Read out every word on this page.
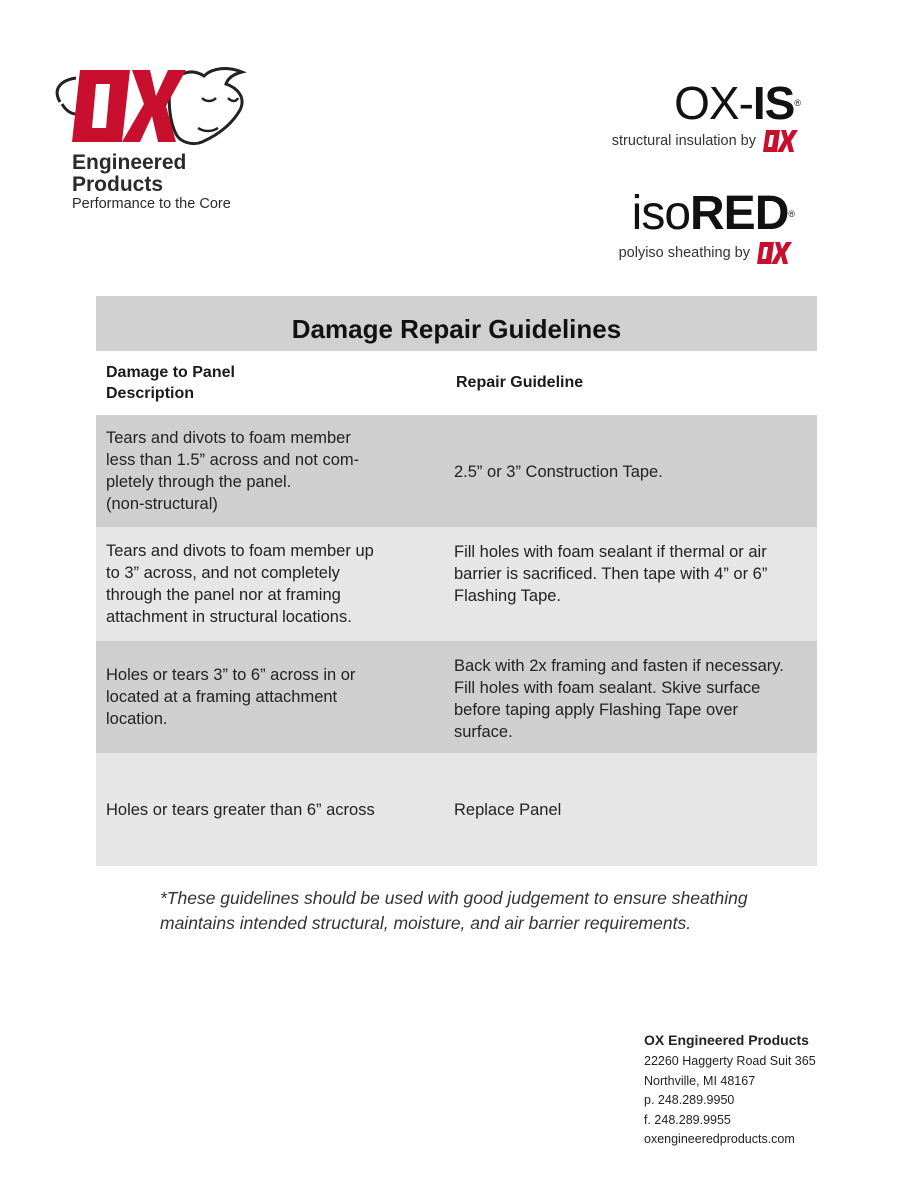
Engineered
Products
Performance to the Core
OX-IS®
structural insulation by
isoRED®
polyiso sheathing by
Damage Repair Guidelines
Damage to Panel
Description
Repair Guideline
Tears and divots to foam member
less than 1.5” across and not com-
pletely through the panel.
(non-structural)
2.5” or 3” Construction Tape.
Tears and divots to foam member up
to 3” across, and not completely
through the panel nor at framing
attachment in structural locations.
Fill holes with foam sealant if thermal or air
barrier is sacrificed. Then tape with 4” or 6”
Flashing Tape.
Holes or tears 3” to 6” across in or
located at a framing attachment
location.
Back with 2x framing and fasten if necessary.
Fill holes with foam sealant. Skive surface
before taping apply Flashing Tape over
surface.
Holes or tears greater than 6” across	Replace Panel
*These guidelines should be used with good judgement to ensure sheathing
maintains intended structural, moisture, and air barrier requirements.
OX Engineered Products
22260 Haggerty Road Suit 365
Northville, MI 48167
p. 248.289.9950
f. 248.289.9955
oxengineeredproducts.com
